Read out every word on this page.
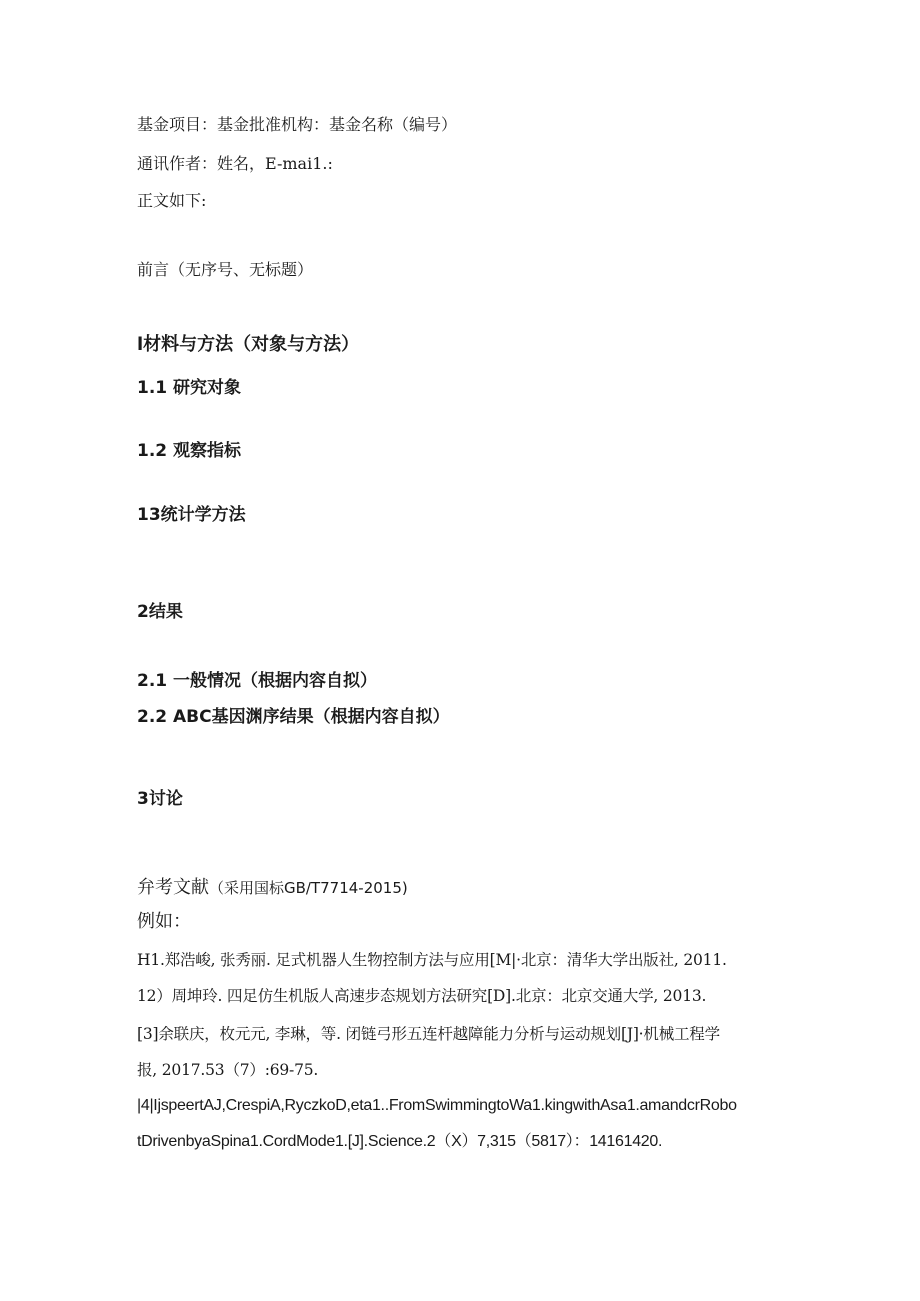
基金项目：基金批准机构：基金名称（编号）
通讯作者：姓名，E-mai1.:
正文如下:
前言（无序号、无标题）
l材料与方法（对象与方法）
1.1 研究对象
1.2 观察指标
13统计学方法
2结果
2.1 一般情况（根据内容自拟）
2.2 ABC基因渊序结果（根据内容自拟）
3讨论
弁考文献（采用国标GB/T7714-2015)
例如：
H1.郑浩峻, 张秀丽. 足式机器人生物控制方法与应用[M|·北京：清华大学出版社, 2011.
12）周坤玲. 四足仿生机版人高速步态规划方法研究[D].北京：北京交通大学, 2013.
[3]余联庆，枚元元, 李琳，等. 闭链弓形五连杆越障能力分析与运动规划[J]·机械工程学
报, 2017.53（7）:69-75.
|4|IjspeertAJ,CrespiA,RyczkoD,eta1..FromSwimmingtoWa1.kingwithAsa1.amandcrRobo
tDrivenbyaSpina1.CordMode1.[J].Science.2（X）7,315（5817）：14161420.
